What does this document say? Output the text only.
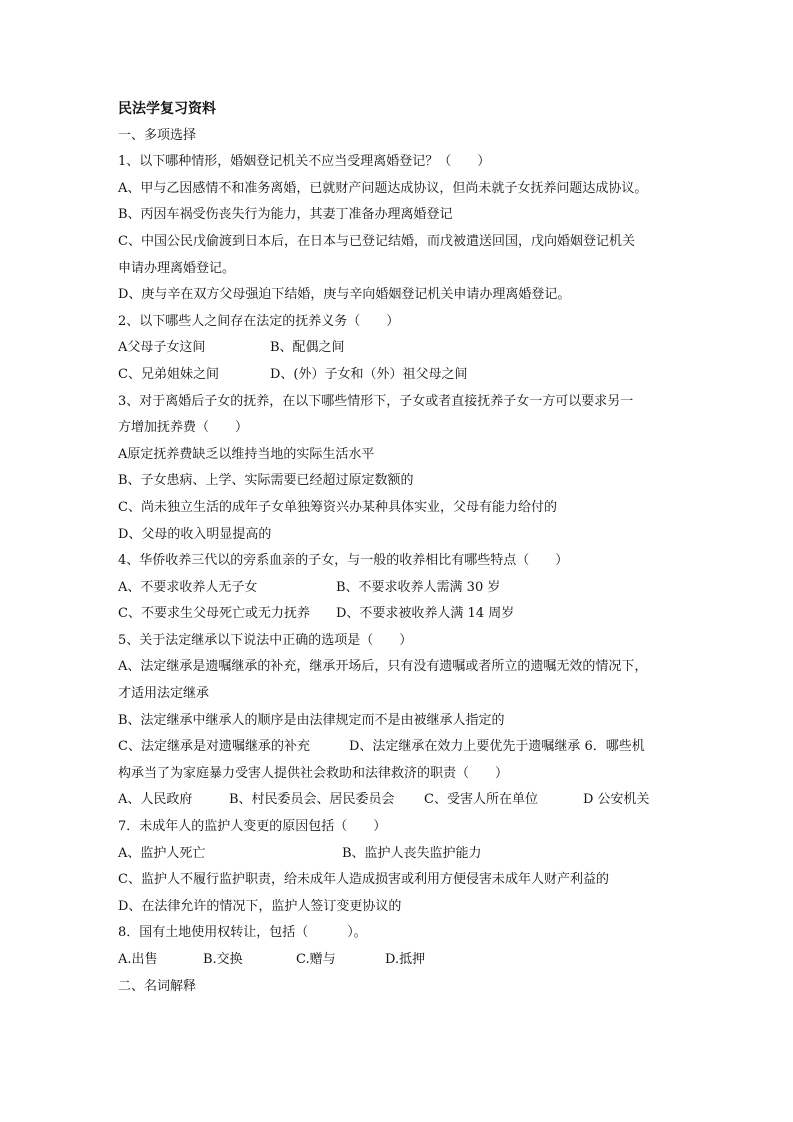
民法学复习资料
一、多项选择
1、以下哪种情形，婚姻登记机关不应当受理离婚登记？（　　）
A、甲与乙因感情不和准务离婚，已就财产问题达成协议，但尚未就子女抚养问题达成协议。
B、丙因车祸受伤丧失行为能力，其妻丁准备办理离婚登记
C、中国公民戊偷渡到日本后，在日本与已登记结婚，而戊被遣送回国，戊向婚姻登记机关
申请办理离婚登记。
D、庚与辛在双方父母强迫下结婚，庚与辛向婚姻登记机关申请办理离婚登记。
2、以下哪些人之间存在法定的抚养义务（　　）
A父母子女这间	B、配偶之间
C、兄弟姐妹之间	D、(外）子女和（外）祖父母之间
3、对于离婚后子女的抚养，在以下哪些情形下，子女或者直接抚养子女一方可以要求另一
方增加抚养费（　　）
A原定抚养费缺乏以维持当地的实际生活水平
B、子女患病、上学、实际需要已经超过原定数额的
C、尚未独立生活的成年子女单独筹资兴办某种具体实业，父母有能力给付的
D、父母的收入明显提高的
4、华侨收养三代以的旁系血亲的子女，与一般的收养相比有哪些特点（　　）
A、不要求收养人无子女	B、不要求收养人需满 30 岁
C、不要求生父母死亡或无力抚养	D、不要求被收养人满 14 周岁
5、关于法定继承以下说法中正确的选项是（　　）
A、法定继承是遗嘱继承的补充，继承开场后，只有没有遗嘱或者所立的遗嘱无效的情况下，
才适用法定继承
B、法定继承中继承人的顺序是由法律规定而不是由被继承人指定的
C、法定继承是对遗嘱继承的补充　　　D、法定继承在效力上要优先于遗嘱继承 6．哪些机
构承当了为家庭暴力受害人提供社会救助和法律救济的职责（　　）
A、人民政府	B、村民委员会、居民委员会	C、受害人所在单位	D 公安机关
7．未成年人的监护人变更的原因包括（　　）
A、监护人死亡	B、监护人丧失监护能力
C、监护人不履行监护职责，给未成年人造成损害或利用方便侵害未成年人财产利益的
D、在法律允许的情况下，监护人签订变更协议的
8．国有土地使用权转让，包括（　　　）。
A.出售	B.交换	C.赠与	D.抵押
二、名词解释
